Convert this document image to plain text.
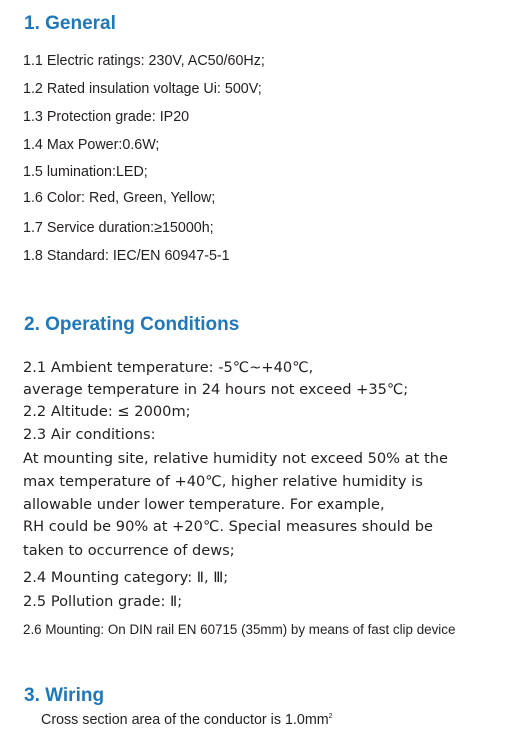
1. General
1.1 Electric ratings: 230V, AC50/60Hz;
1.2 Rated insulation voltage Ui: 500V;
1.3 Protection grade: IP20
1.4 Max Power:0.6W;
1.5 lumination:LED;
1.6 Color: Red, Green, Yellow;
1.7 Service duration:≥15000h;
1.8 Standard: IEC/EN 60947-5-1
2. Operating Conditions
2.1 Ambient temperature: -5℃~+40℃,
average temperature in 24 hours not exceed +35℃;
2.2 Altitude: ≤ 2000m;
2.3 Air conditions:
At mounting site, relative humidity not exceed 50% at the
max temperature of +40℃, higher relative humidity is
allowable under lower temperature. For example,
RH could be 90% at +20℃. Special measures should be
taken to occurrence of dews;
2.4 Mounting category: Ⅱ, Ⅲ;
2.5 Pollution grade: Ⅱ;
2.6 Mounting: On DIN rail EN 60715 (35mm) by means of fast clip device
3. Wiring
Cross section area of the conductor is $1.0mm^2$
